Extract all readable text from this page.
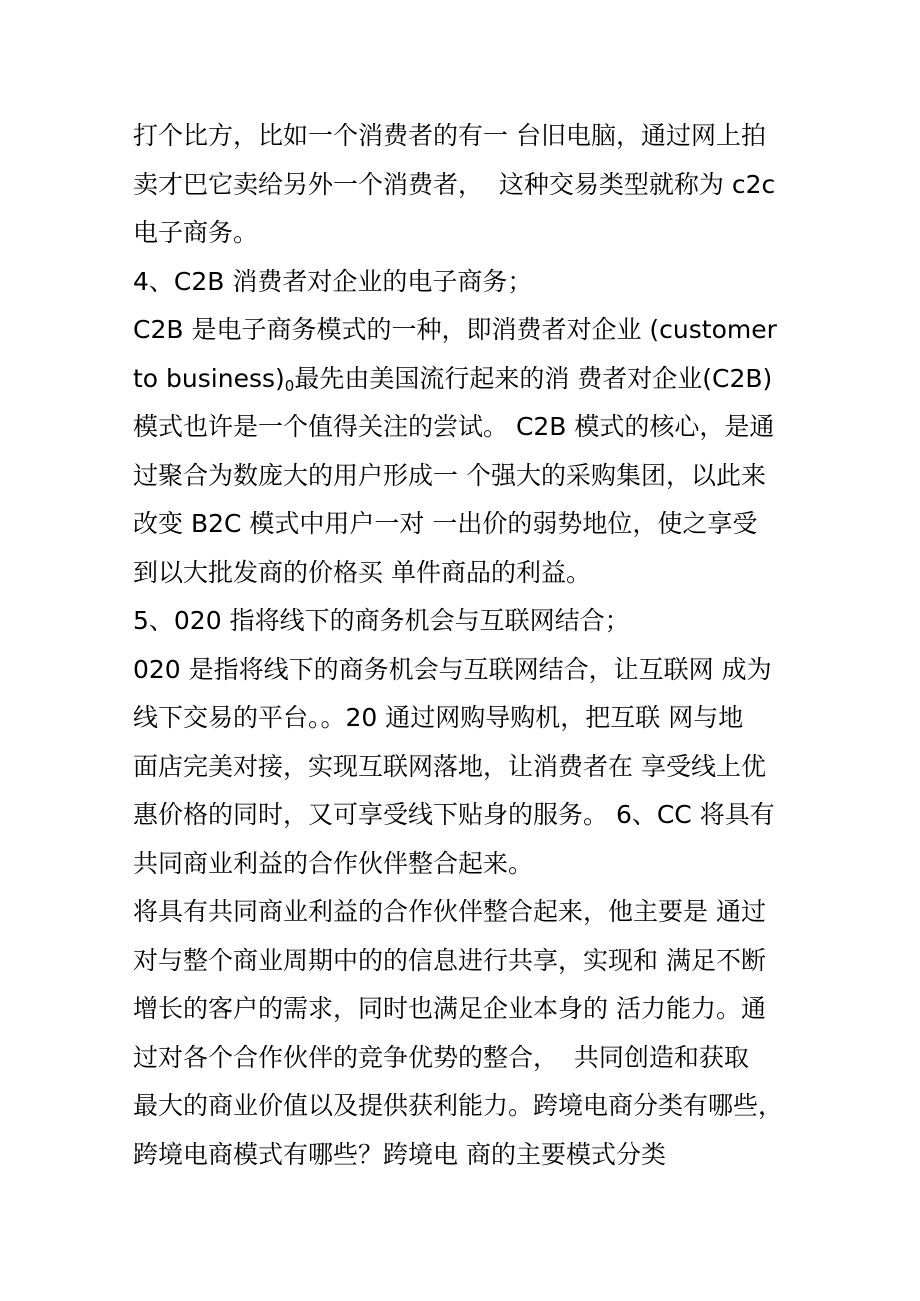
打个比方，比如一个消费者的有一 台旧电脑，通过网上拍
卖才巴它卖给另外一个消费者，  这种交易类型就称为 c2c
电子商务。
4、C2B 消费者对企业的电子商务；
C2B 是电子商务模式的一种，即消费者对企业 (customer
to $business)_0$最先由美国流行起来的消 费者对企业(C2B)
模式也许是一个值得关注的尝试。 C2B 模式的核心，是通
过聚合为数庞大的用户形成一 个强大的采购集团，以此来
改变 B2C 模式中用户一对 一出价的弱势地位，使之享受
到以大批发商的价格买 单件商品的利益。
5、020 指将线下的商务机会与互联网结合；
020 是指将线下的商务机会与互联网结合，让互联网 成为
线下交易的平台。。20 通过网购导购机，把互联 网与地
面店完美对接，实现互联网落地，让消费者在 享受线上优
惠价格的同时，又可享受线下贴身的服务。 6、CC 将具有
共同商业利益的合作伙伴整合起来。
将具有共同商业利益的合作伙伴整合起来，他主要是 通过
对与整个商业周期中的的信息进行共享，实现和 满足不断
增长的客户的需求，同时也满足企业本身的 活力能力。通
过对各个合作伙伴的竞争优势的整合，  共同创造和获取
最大的商业价值以及提供获利能力。跨境电商分类有哪些，
跨境电商模式有哪些？跨境电 商的主要模式分类
